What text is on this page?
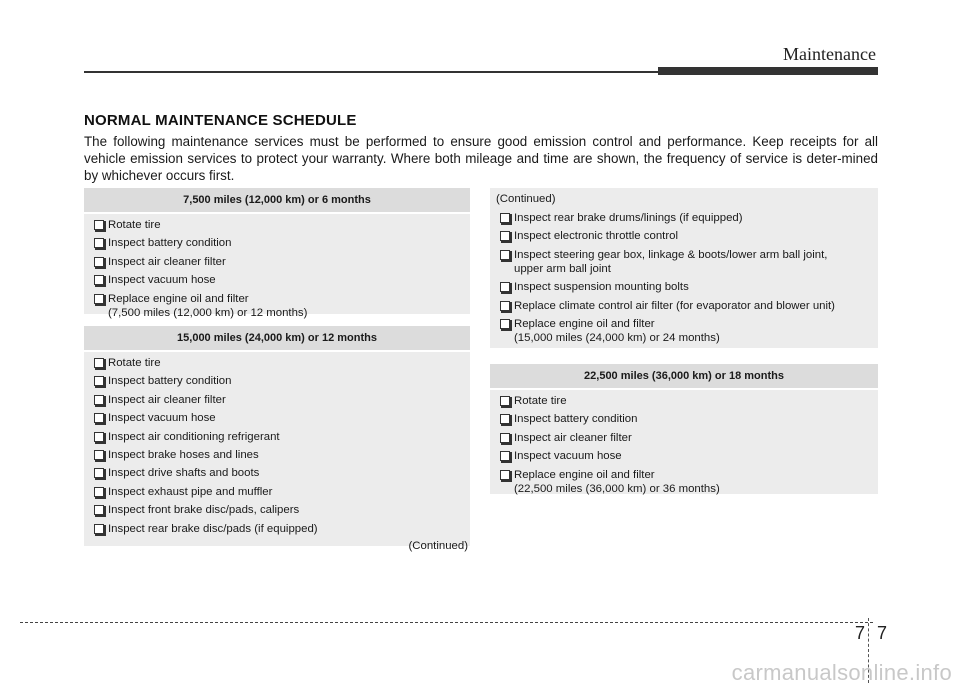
Maintenance
NORMAL MAINTENANCE SCHEDULE
The following maintenance services must be performed to ensure good emission control and performance. Keep receipts for all vehicle emission services to protect your warranty. Where both mileage and time are shown, the frequency of service is deter-mined by whichever occurs first.
7,500 miles (12,000 km) or 6 months
Rotate tire
Inspect battery condition
Inspect air cleaner filter
Inspect vacuum hose
Replace engine oil and filter
(7,500 miles (12,000 km) or 12 months)
15,000 miles (24,000 km) or 12 months
Rotate tire
Inspect battery condition
Inspect air cleaner filter
Inspect vacuum hose
Inspect air conditioning refrigerant
Inspect brake hoses and lines
Inspect drive shafts and boots
Inspect exhaust pipe and muffler
Inspect front brake disc/pads, calipers
Inspect rear brake disc/pads (if equipped)
(Continued)
(Continued)
Inspect rear brake drums/linings (if equipped)
Inspect electronic throttle control
Inspect steering gear box, linkage & boots/lower arm ball joint,
upper arm ball joint
Inspect suspension mounting bolts
Replace climate control air filter (for evaporator and blower unit)
Replace engine oil and filter
(15,000 miles (24,000 km) or 24 months)
22,500 miles (36,000 km) or 18 months
Rotate tire
Inspect battery condition
Inspect air cleaner filter
Inspect vacuum hose
Replace engine oil and filter
(22,500 miles (36,000 km) or 36 months)
7 7
carmanualsonline.info
